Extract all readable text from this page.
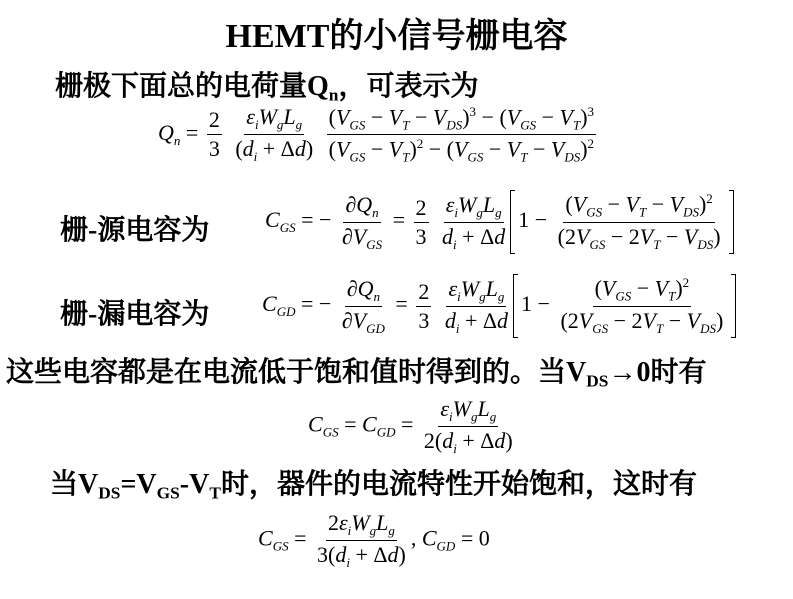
HEMT的小信号栅电容
栅极下面总的电荷量$Q_n$，可表示为
$Q_n = \frac{2}{3}$
$\frac{\varepsilon_iW_gL_g}{(d_i + \Delta d)}$
$\frac{(V_{GS} - V_T - V_{DS})^3 - (V_{GS} - V_T)^3}{(V_{GS} - V_T)^2 - (V_{GS} - V_T - V_{DS})^2}$
栅-源电容为	$C_{GS}$ = − $\frac{\partial Q_n}{\partial V_{GS}} = \frac{2}{3}$
$\frac{\varepsilon_iW_gL_g}{d_i + \Delta d} 1 - \frac{(V_{GS} - V_T - V_{DS})^2}{(2V_{GS} - 2V_T - V_{DS})}$
栅-漏电容为 $C_{GD}$ = − $\frac{\partial Q_n}{\partial V_{GD}} = \frac{2}{3}$
$\frac{\varepsilon_iW_gL_g}{d_i + \Delta d} 1 - \frac{(V_{GS} - V_T)^2}{(2V_{GS} - 2V_T - V_{DS})}$
这些电容都是在电流低于饱和值时得到的。当$V_{DS}\to 0$时有
$C_{GS} = C_{GD} = \frac{\varepsilon_iW_gL_g}{2(d_i + \Delta d)}$
当$V_{DS}=V_{GS}-V_T$时，器件的电流特性开始饱和，这时有
$C_{GS} = \frac{2\varepsilon_iW_gL_g}{3(d_i + \Delta d)}$ , $C_{GD} = 0$
